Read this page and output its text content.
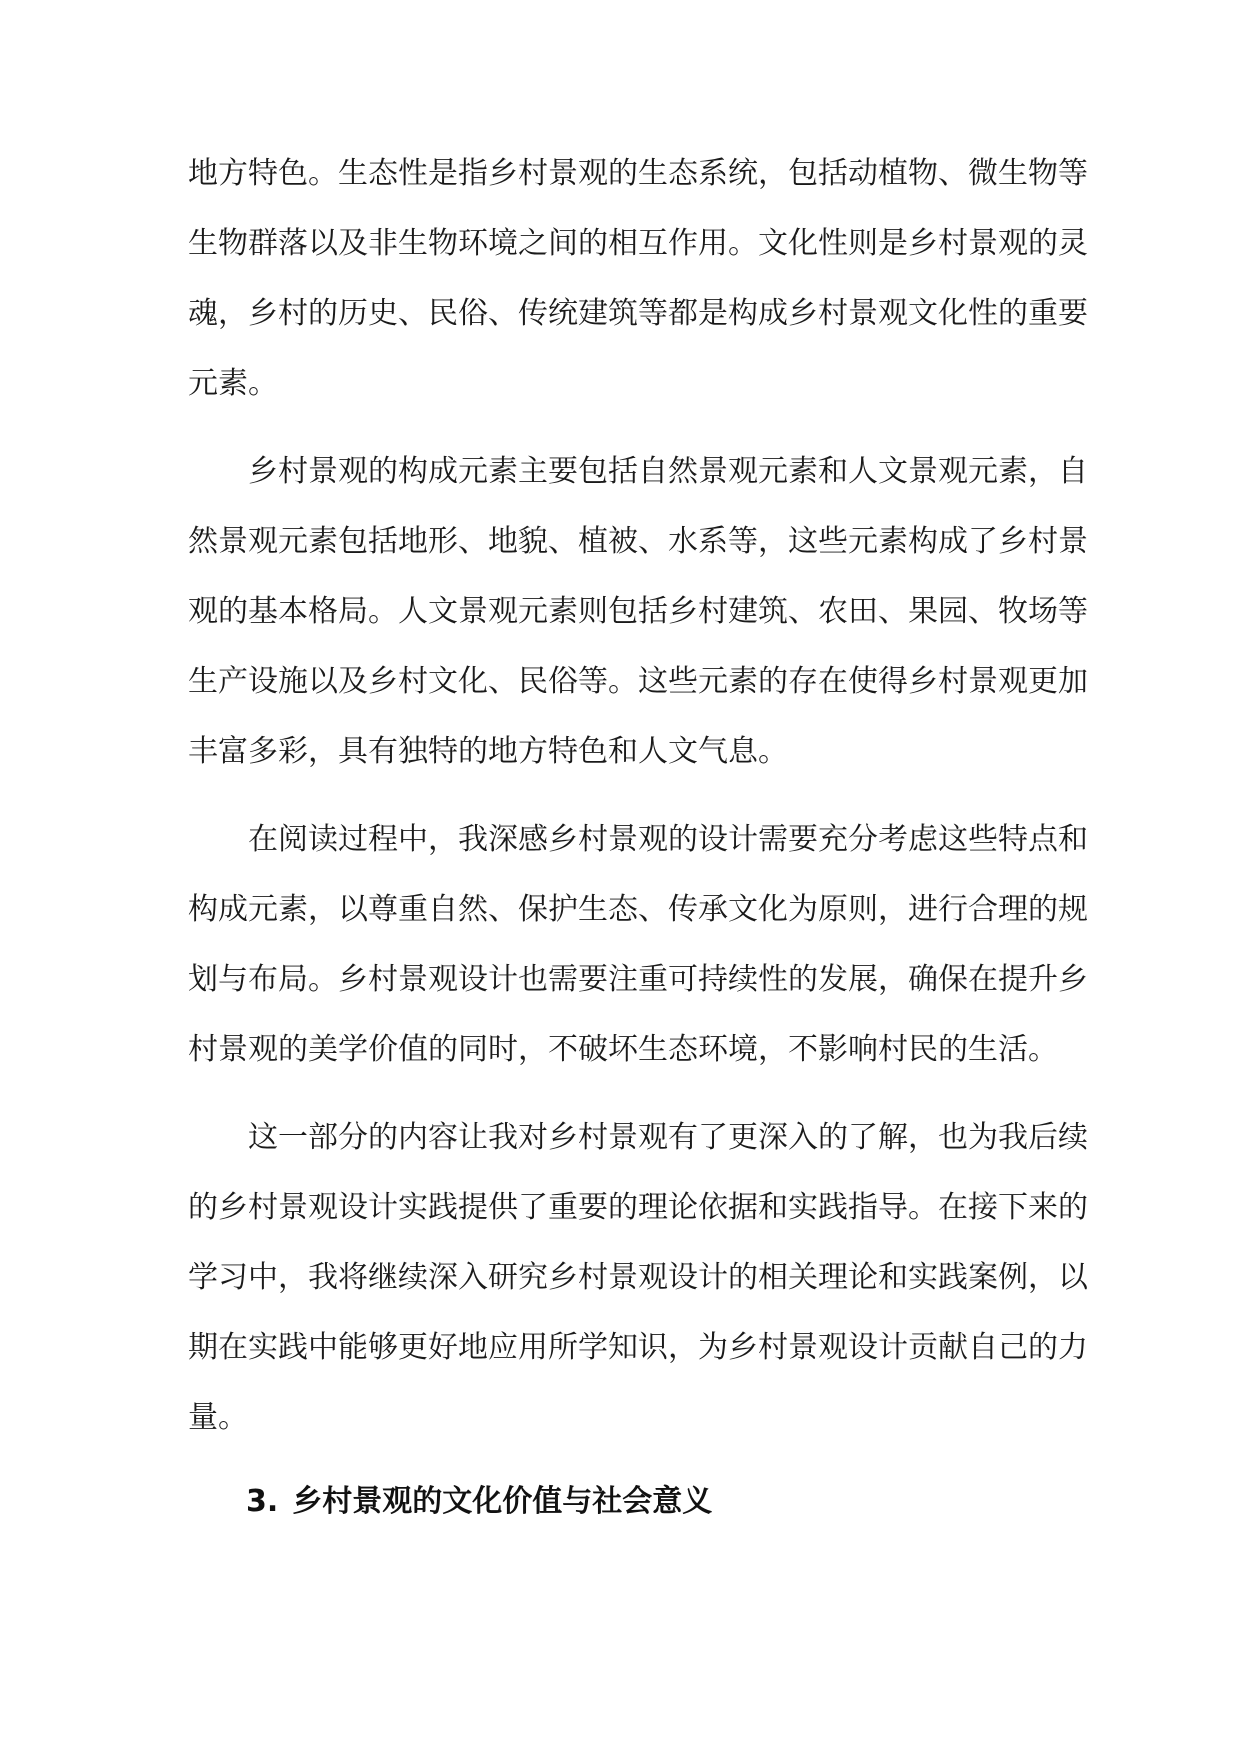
地方特色。生态性是指乡村景观的生态系统，包括动植物、微生物等
生物群落以及非生物环境之间的相互作用。文化性则是乡村景观的灵
魂，乡村的历史、民俗、传统建筑等都是构成乡村景观文化性的重要
元素。
乡村景观的构成元素主要包括自然景观元素和人文景观元素，自
然景观元素包括地形、地貌、植被、水系等，这些元素构成了乡村景
观的基本格局。人文景观元素则包括乡村建筑、农田、果园、牧场等
生产设施以及乡村文化、民俗等。这些元素的存在使得乡村景观更加
丰富多彩，具有独特的地方特色和人文气息。
在阅读过程中，我深感乡村景观的设计需要充分考虑这些特点和
构成元素，以尊重自然、保护生态、传承文化为原则，进行合理的规
划与布局。乡村景观设计也需要注重可持续性的发展，确保在提升乡
村景观的美学价值的同时，不破坏生态环境，不影响村民的生活。
这一部分的内容让我对乡村景观有了更深入的了解，也为我后续
的乡村景观设计实践提供了重要的理论依据和实践指导。在接下来的
学习中，我将继续深入研究乡村景观设计的相关理论和实践案例，以
期在实践中能够更好地应用所学知识，为乡村景观设计贡献自己的力
量。
3. 乡村景观的文化价值与社会意义
